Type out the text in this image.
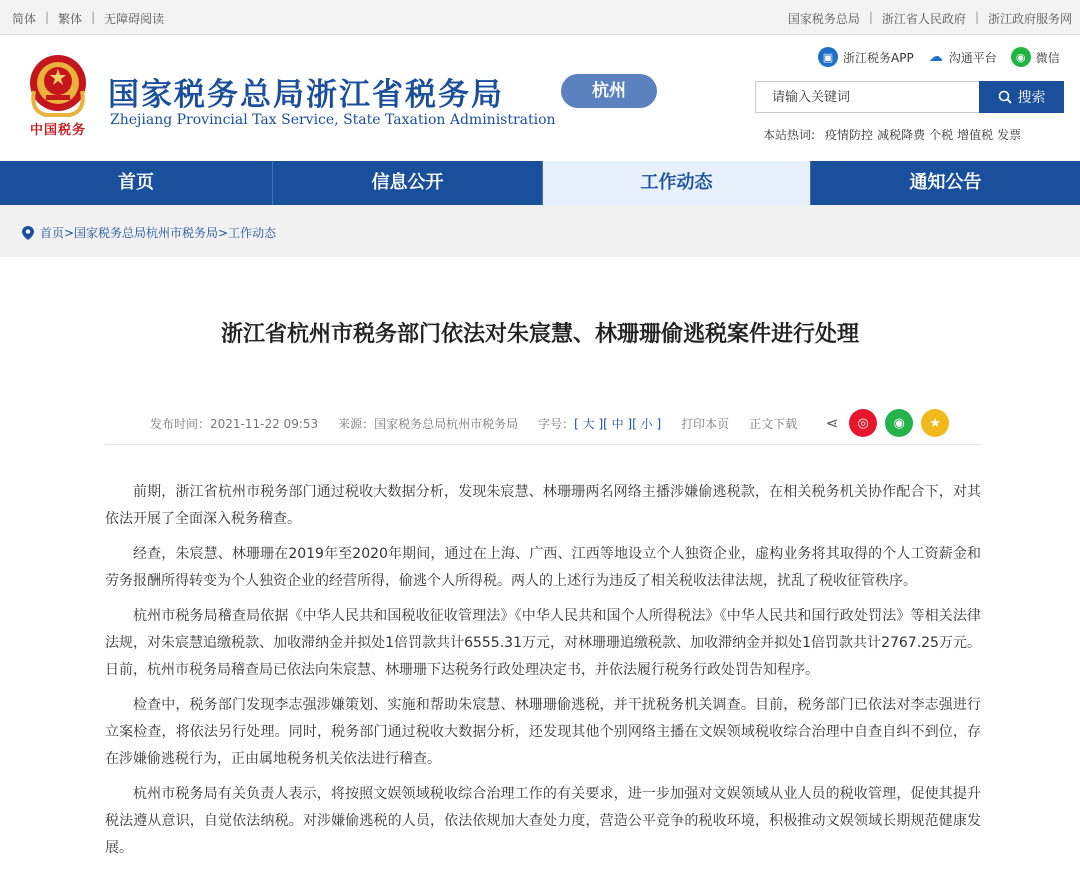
简体 | 繁体 | 无障碍阅读	国家税务总局 | 浙江省人民政府 | 浙江政府服务网
中国税务
国家税务总局浙江省税务局
Zhejiang Provincial Tax Service, State Taxation Administration
杭州
▣ 浙江税务APP ☁ 沟通平台	◉ 微信
请输入关键词
搜索
本站热词: 疫情防控 减税降费 个税 增值税 发票
首页	信息公开	工作动态	通知公告
首页>国家税务总局杭州市税务局>工作动态
浙江省杭州市税务部门依法对朱宸慧、林珊珊偷逃税案件进行处理
发布时间：2021-11-22 09:53 来源：国家税务总局杭州市税务局 字号： [ 大 ] [ 中 ] [ 小 ] 打印本页 正文下载 ⋖	◎	◉	★

前期，浙江省杭州市税务部门通过税收大数据分析，发现朱宸慧、林珊珊两名网络主播涉嫌偷逃税款，在相关税务机关协作配合下，对其依法开展了全面深入税务稽查。

经查，朱宸慧、林珊珊在2019年至2020年期间，通过在上海、广西、江西等地设立个人独资企业，虚构业务将其取得的个人工资薪金和劳务报酬所得转变为个人独资企业的经营所得，偷逃个人所得税。两人的上述行为违反了相关税收法律法规，扰乱了税收征管秩序。

杭州市税务局稽查局依据《中华人民共和国税收征收管理法》《中华人民共和国个人所得税法》《中华人民共和国行政处罚法》等相关法律法规，对朱宸慧追缴税款、加收滞纳金并拟处1倍罚款共计6555.31万元，对林珊珊追缴税款、加收滞纳金并拟处1倍罚款共计2767.25万元。日前，杭州市税务局稽查局已依法向朱宸慧、林珊珊下达税务行政处理决定书，并依法履行税务行政处罚告知程序。

检查中，税务部门发现李志强涉嫌策划、实施和帮助朱宸慧、林珊珊偷逃税，并干扰税务机关调查。目前，税务部门已依法对李志强进行立案检查，将依法另行处理。同时，税务部门通过税收大数据分析，还发现其他个别网络主播在文娱领域税收综合治理中自查自纠不到位，存在涉嫌偷逃税行为，正由属地税务机关依法进行稽查。

杭州市税务局有关负责人表示，将按照文娱领域税收综合治理工作的有关要求，进一步加强对文娱领域从业人员的税收管理，促使其提升税法遵从意识，自觉依法纳税。对涉嫌偷逃税的人员，依法依规加大查处力度，营造公平竞争的税收环境，积极推动文娱领域长期规范健康发展。
